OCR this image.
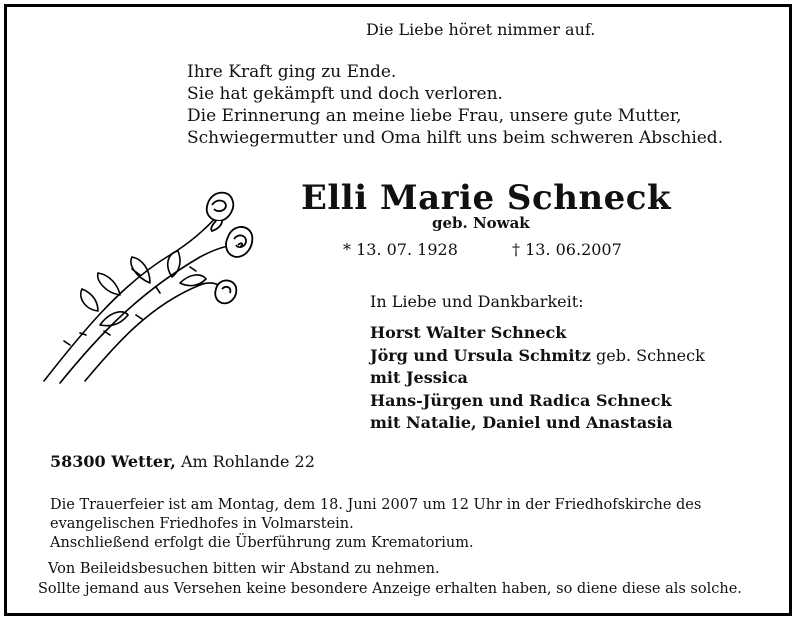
Die Liebe höret nimmer auf.
Ihre Kraft ging zu Ende.
Sie hat gekämpft und doch verloren.
Die Erinnerung an meine liebe Frau, unsere gute Mutter,
Schwiegermutter und Oma hilft uns beim schweren Abschied.
Elli Marie Schneck
geb. Nowak
* 13. 07. 1928	† 13. 06.2007
In Liebe und Dankbarkeit:
Horst Walter Schneck
Jörg und Ursula Schmitz geb. Schneck
mit Jessica
Hans-Jürgen und Radica Schneck
mit Natalie, Daniel und Anastasia
58300 Wetter, Am Rohlande 22
Die Trauerfeier ist am Montag, dem 18. Juni 2007 um 12 Uhr in der Friedhofskirche des
evangelischen Friedhofes in Volmarstein.
Anschließend erfolgt die Überführung zum Krematorium.
Von Beileidsbesuchen bitten wir Abstand zu nehmen.
Sollte jemand aus Versehen keine besondere Anzeige erhalten haben, so diene diese als solche.
